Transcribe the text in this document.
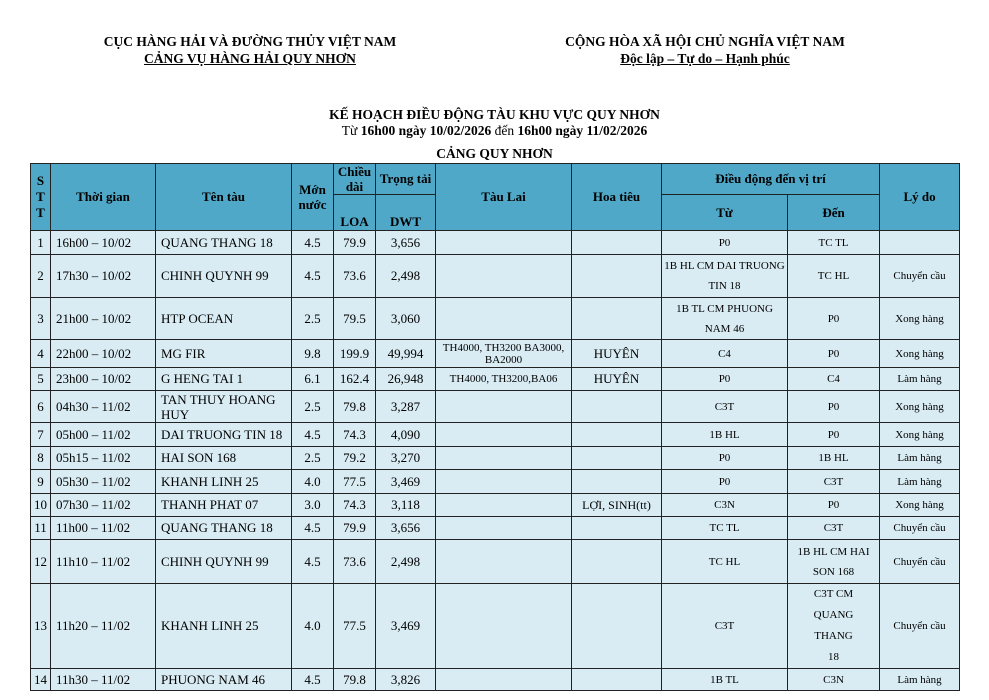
CỤC HÀNG HẢI VÀ ĐƯỜNG THỦY VIỆT NAM
CẢNG VỤ HÀNG HẢI QUY NHƠN
CỘNG HÒA XÃ HỘI CHỦ NGHĨA VIỆT NAM
Độc lập – Tự do – Hạnh phúc
KẾ HOẠCH ĐIỀU ĐỘNG TÀU KHU VỰC QUY NHƠN
Từ 16h00 ngày 10/02/2026 đến 16h00 ngày 11/02/2026
CẢNG QUY NHƠN
S T T	Thời gian	Tên tàu	Mớn nước	Chiều dài	Trọng tải	Tàu Lai	Hoa tiêu	Điều động đến vị trí		Lý do
				LOA	DWT			Từ	Đến	
1	16h00 – 10/02	QUANG THANG 18	4.5	79.9	3,656			P0	TC TL	
2	17h30 – 10/02	CHINH QUYNH 99	4.5	73.6	2,498			1B HL CM DAI TRUONG TIN 18	TC HL	Chuyển cầu
3	21h00 – 10/02	HTP OCEAN	2.5	79.5	3,060			1B TL CM PHUONG NAM 46	P0	Xong hàng
4	22h00 – 10/02	MG FIR	9.8	199.9	49,994	TH4000, TH3200 BA3000, BA2000	HUYÊN	C4	P0	Xong hàng
5	23h00 – 10/02	G HENG TAI 1	6.1	162.4	26,948	TH4000, TH3200,BA06	HUYÊN	P0	C4	Làm hàng
6	04h30 – 11/02	TAN THUY HOANG HUY	2.5	79.8	3,287			C3T	P0	Xong hàng
7	05h00 – 11/02	DAI TRUONG TIN 18	4.5	74.3	4,090			1B HL	P0	Xong hàng
8	05h15 – 11/02	HAI SON 168	2.5	79.2	3,270			P0	1B HL	Làm hàng
9	05h30 – 11/02	KHANH LINH 25	4.0	77.5	3,469			P0	C3T	Làm hàng
10	07h30 – 11/02	THANH PHAT 07	3.0	74.3	3,118		LỢI, SINH(tt)	C3N	P0	Xong hàng
11	11h00 – 11/02	QUANG THANG 18	4.5	79.9	3,656			TC TL	C3T	Chuyển cầu
12	11h10 – 11/02	CHINH QUYNH 99	4.5	73.6	2,498			TC HL	1B HL CM HAI SON 168	Chuyển cầu
13	11h20 – 11/02	KHANH LINH 25	4.0	77.5	3,469			C3T	C3T CM QUANG THANG 18	Chuyển cầu
14	11h30 – 11/02	PHUONG NAM 46	4.5	79.8	3,826			1B TL	C3N	Làm hàng
